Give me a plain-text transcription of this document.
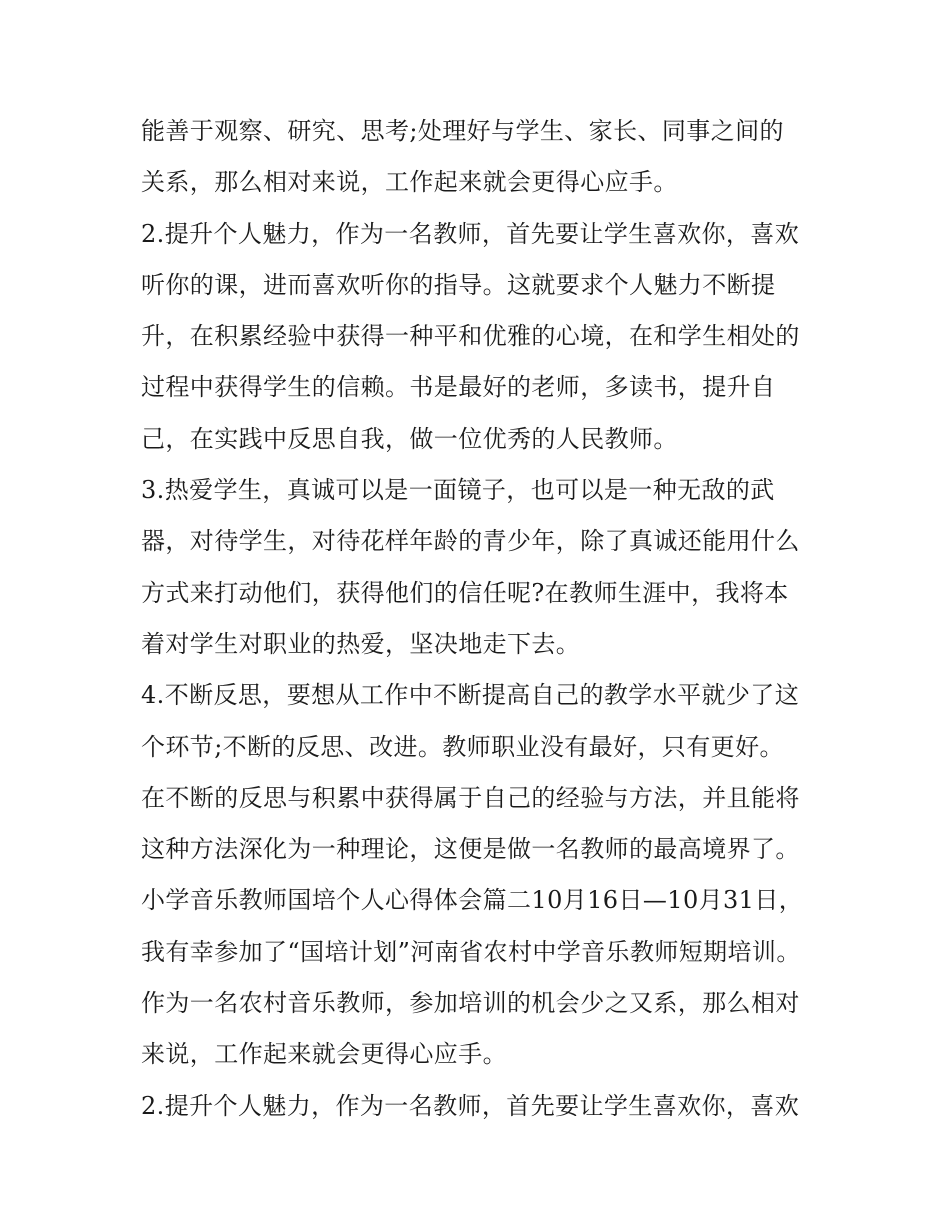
能善于观察、研究、思考;处理好与学生、家长、同事之间的
关系，那么相对来说，工作起来就会更得心应手。
2.提升个人魅力，作为一名教师，首先要让学生喜欢你，喜欢
听你的课，进而喜欢听你的指导。这就要求个人魅力不断提
升，在积累经验中获得一种平和优雅的心境，在和学生相处的
过程中获得学生的信赖。书是最好的老师，多读书，提升自
己，在实践中反思自我，做一位优秀的人民教师。
3.热爱学生，真诚可以是一面镜子，也可以是一种无敌的武
器，对待学生，对待花样年龄的青少年，除了真诚还能用什么
方式来打动他们，获得他们的信任呢?在教师生涯中，我将本
着对学生对职业的热爱，坚决地走下去。
4.不断反思，要想从工作中不断提高自己的教学水平就少了这
个环节;不断的反思、改进。教师职业没有最好，只有更好。
在不断的反思与积累中获得属于自己的经验与方法，并且能将
这种方法深化为一种理论，这便是做一名教师的最高境界了。
小学音乐教师国培个人心得体会篇二10月16日—10月31日，
我有幸参加了“国培计划”河南省农村中学音乐教师短期培训。
作为一名农村音乐教师，参加培训的机会少之又系，那么相对
来说，工作起来就会更得心应手。
2.提升个人魅力，作为一名教师，首先要让学生喜欢你，喜欢
